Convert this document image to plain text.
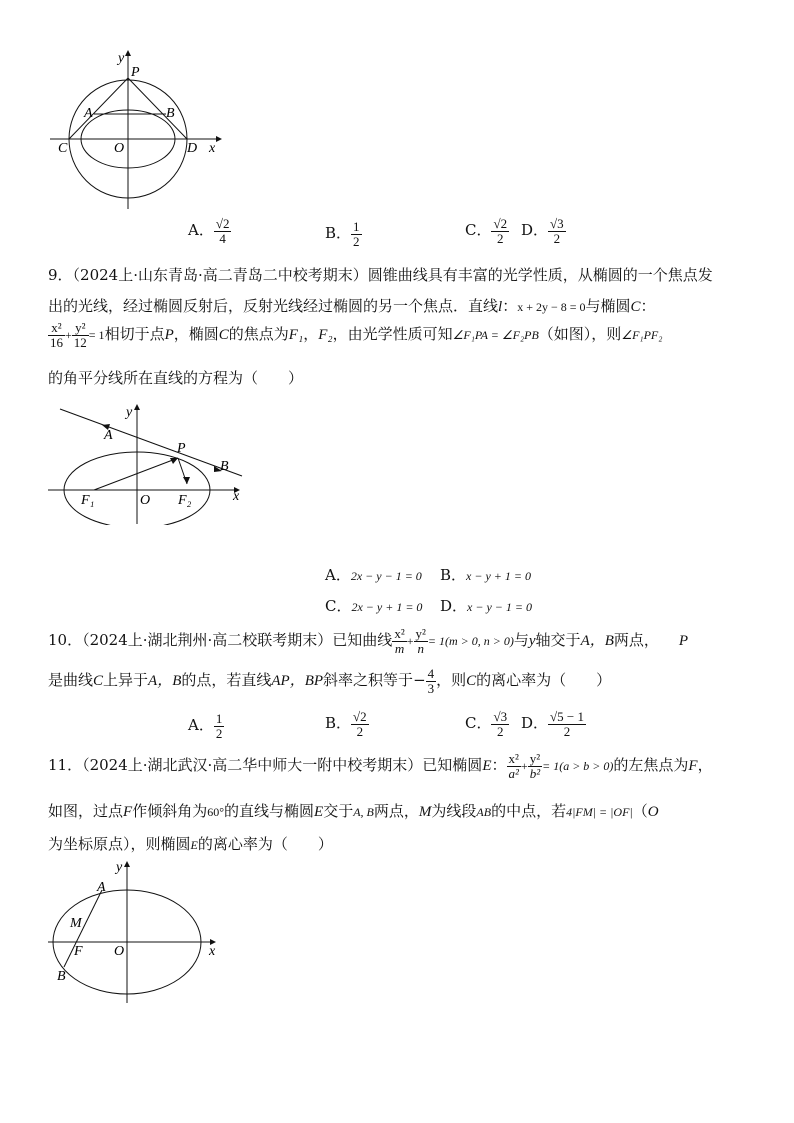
y
P
A	B
C	O	D x
A． $\frac{√2}{4}$	B． $\frac{1}{2}$	C． $\frac{√2}{2}$ D． $\frac{√3}{2}$
9．（2024上·山东青岛·高二青岛二中校考期末）圆锥曲线具有丰富的光学性质，从椭圆的一个焦点发
出的光线，经过椭圆反射后，反射光线经过椭圆的另一个焦点．直线l：x + 2y − 8 = 0与椭圆C：
$\frac{\text{x²}}{16} + \frac{\text{y²}}{12} = 1$相切于点P，椭圆C的焦点为F₁，F₂，由光学性质可知∠F₁PA = ∠F₂PB（如图），则∠F₁PF₂
的角平分线所在直线的方程为（　　）
y
A
P
B
F₁	O F₂	x
A．2x − y − 1 = 0 B．x − y + 1 = 0
C．2x − y + 1 = 0 D．x − y − 1 = 0
10．（2024上·湖北荆州·高二校联考期末）已知曲线 $\frac{\text{x²}}{m} + \frac{\text{y²}}{n} = 1(m > 0$, n > 0)与y轴交于A，B两点， P
是曲线C上异于A，B的点，若直线AP，BP斜率之积等于− $\frac{4}{3}$ ，则C的离心率为（　　）
A． $\frac{1}{2}$	B． $\frac{√2}{2}$	C． $\frac{√3}{2}$ D． $\frac{√5 - 1}{2}$
11．（2024上·湖北武汉·高二华中师大一附中校考期末）已知椭圆E： $\frac{\text{x²}}{\text{a²}} + \frac{\text{y²}}{\text{b²}} = 1(a > b > 0)$的左焦点为F，
如图，过点F作倾斜角为60°的直线与椭圆E交于A, B两点，M为线段AB的中点，若4|FM| = |OF|（O
为坐标原点），则椭圆E的离心率为（　　）
y
A
M
F O	x
B
